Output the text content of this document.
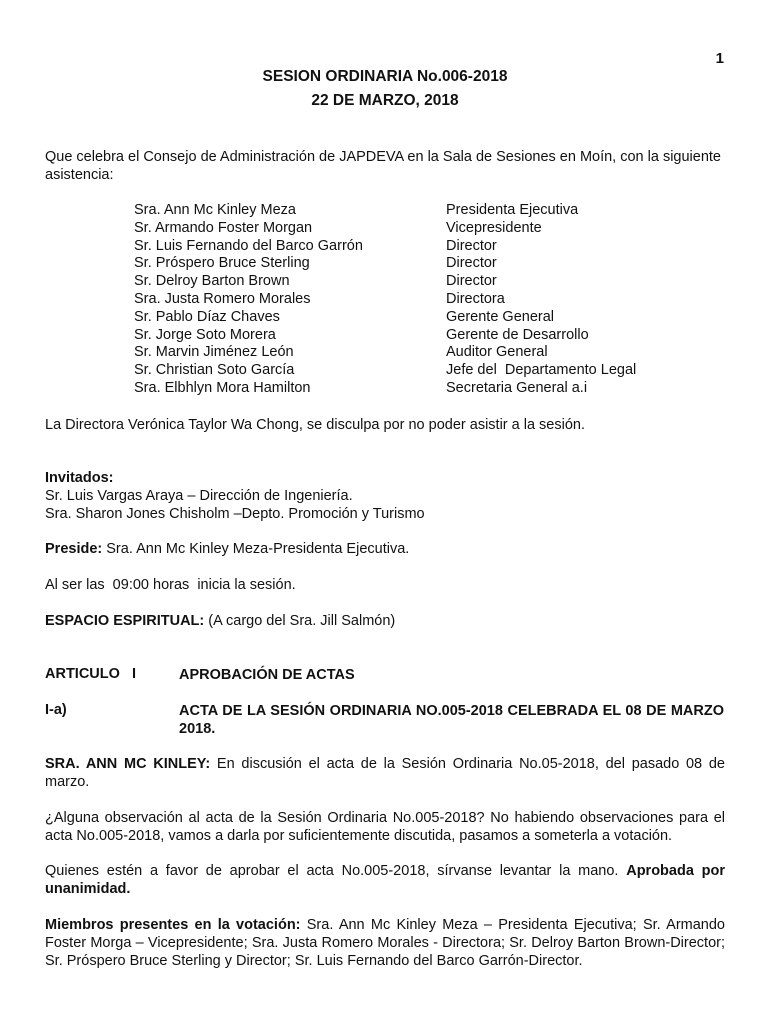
1
SESION ORDINARIA No.006-2018
22 DE MARZO, 2018

Que celebra el Consejo de Administración de JAPDEVA en la Sala de Sesiones en Moín, con la siguiente asistencia:

Sra. Ann Mc Kinley Meza	Presidenta Ejecutiva
Sr. Armando Foster Morgan	Vicepresidente
Sr. Luis Fernando del Barco Garrón	Director
Sr. Próspero Bruce Sterling	Director
Sr. Delroy Barton Brown	Director
Sra. Justa Romero Morales	Directora
Sr. Pablo Díaz Chaves	Gerente General
Sr. Jorge Soto Morera	Gerente de Desarrollo
Sr. Marvin Jiménez León	Auditor General
Sr. Christian Soto García	Jefe del  Departamento Legal
Sra. Elbhlyn Mora Hamilton	Secretaria General a.i

La Directora Verónica Taylor Wa Chong, se disculpa por no poder asistir a la sesión.

Invitados:
Sr. Luis Vargas Araya – Dirección de Ingeniería.
Sra. Sharon Jones Chisholm –Depto. Promoción y Turismo

Preside: Sra. Ann Mc Kinley Meza-Presidenta Ejecutiva.

Al ser las  09:00 horas  inicia la sesión.

ESPACIO ESPIRITUAL: (A cargo del Sra. Jill Salmón)

ARTICULO   I	APROBACIÓN DE ACTAS
I-a)	ACTA DE LA SESIÓN ORDINARIA NO.005-2018 CELEBRADA EL 08 DE MARZO 2018.

SRA. ANN MC KINLEY: En discusión el acta de la Sesión Ordinaria No.05-2018, del pasado 08 de marzo.

¿Alguna observación al acta de la Sesión Ordinaria No.005-2018? No habiendo observaciones para el acta No.005-2018, vamos a darla por suficientemente discutida, pasamos a someterla a votación.

Quienes estén a favor de aprobar el acta No.005-2018, sírvanse levantar la mano. Aprobada por unanimidad.

Miembros presentes en la votación: Sra. Ann Mc Kinley Meza – Presidenta Ejecutiva; Sr. Armando Foster Morga – Vicepresidente; Sra. Justa Romero Morales - Directora; Sr. Delroy Barton Brown-Director; Sr. Próspero Bruce Sterling y Director; Sr. Luis Fernando del Barco Garrón-Director.
